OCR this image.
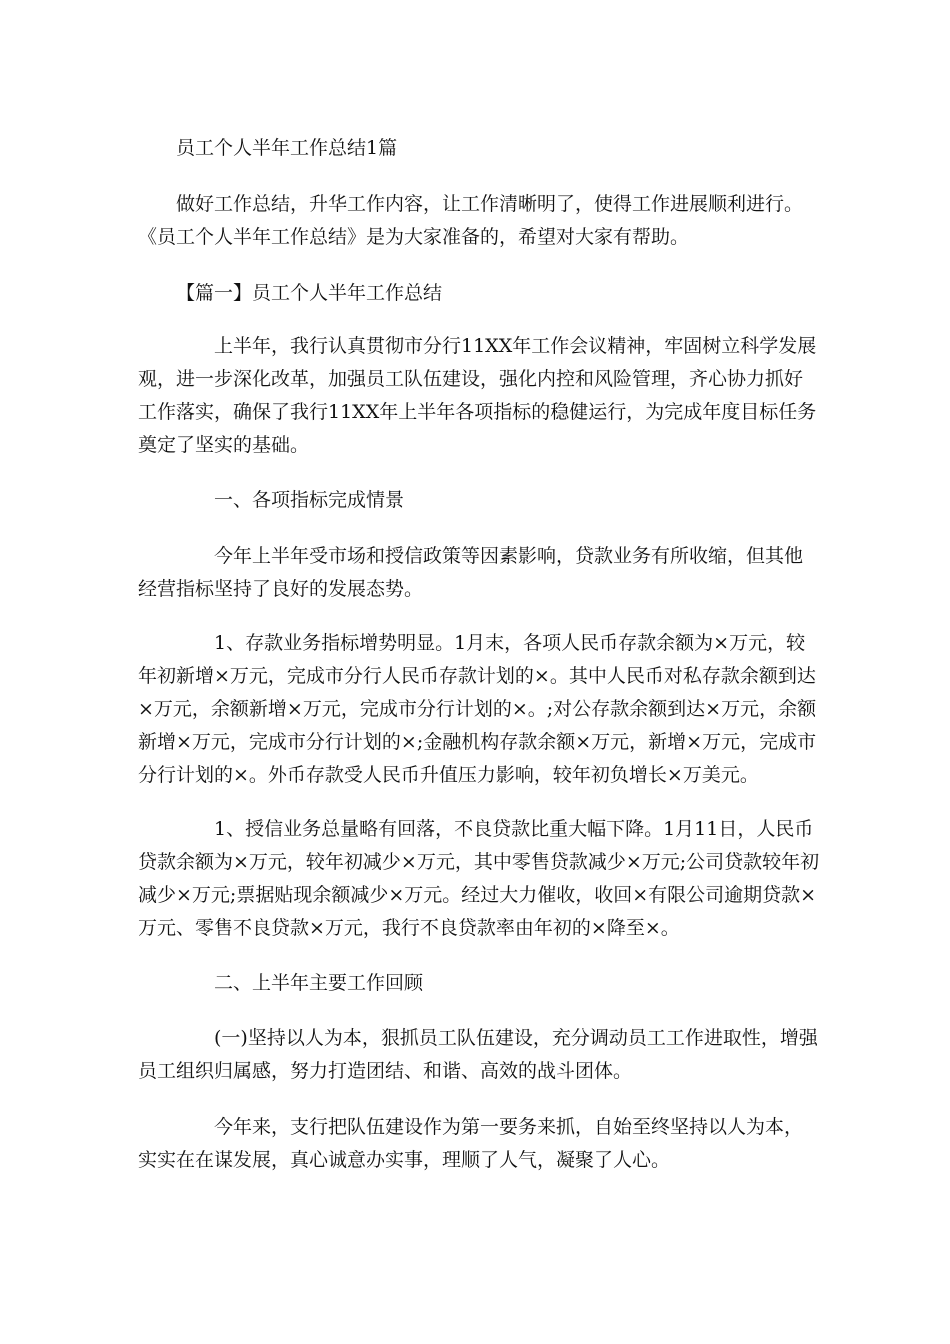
员工个人半年工作总结1篇

做好工作总结，升华工作内容，让工作清晰明了，使得工作进展顺利进行。《员工个人半年工作总结》是为大家准备的，希望对大家有帮助。

【篇一】员工个人半年工作总结

上半年，我行认真贯彻市分行11XX年工作会议精神，牢固树立科学发展观，进一步深化改革，加强员工队伍建设，强化内控和风险管理，齐心协力抓好工作落实，确保了我行11XX年上半年各项指标的稳健运行，为完成年度目标任务奠定了坚实的基础。

一、各项指标完成情景

今年上半年受市场和授信政策等因素影响，贷款业务有所收缩，但其他经营指标坚持了良好的发展态势。

1、存款业务指标增势明显。1月末，各项人民币存款余额为×万元，较年初新增×万元，完成市分行人民币存款计划的×。其中人民币对私存款余额到达×万元，余额新增×万元，完成市分行计划的×。;对公存款余额到达×万元，余额新增×万元，完成市分行计划的×;金融机构存款余额×万元，新增×万元，完成市分行计划的×。外币存款受人民币升值压力影响，较年初负增长×万美元。

1、授信业务总量略有回落，不良贷款比重大幅下降。1月11日，人民币贷款余额为×万元，较年初减少×万元，其中零售贷款减少×万元;公司贷款较年初减少×万元;票据贴现余额减少×万元。经过大力催收，收回×有限公司逾期贷款×万元、零售不良贷款×万元，我行不良贷款率由年初的×降至×。

二、上半年主要工作回顾

(一)坚持以人为本，狠抓员工队伍建设，充分调动员工工作进取性，增强员工组织归属感，努力打造团结、和谐、高效的战斗团体。

今年来，支行把队伍建设作为第一要务来抓，自始至终坚持以人为本，实实在在谋发展，真心诚意办实事，理顺了人气，凝聚了人心。
